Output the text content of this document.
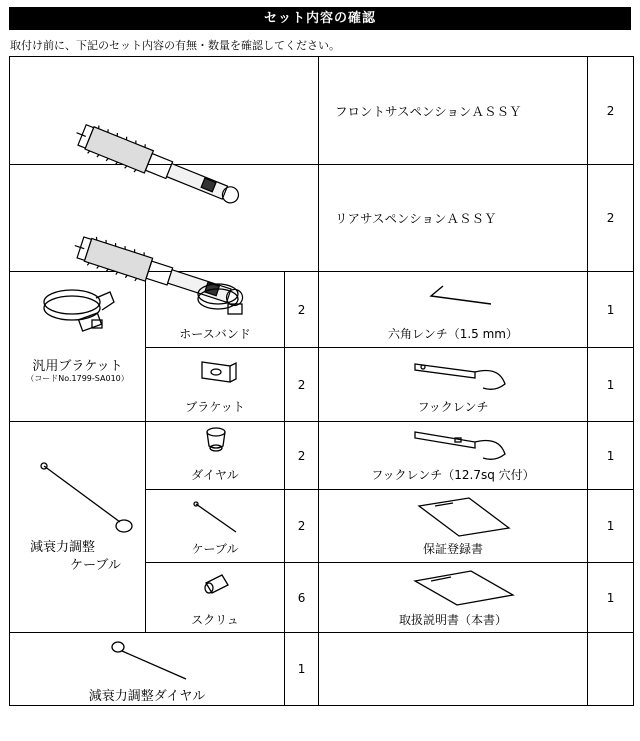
セット内容の確認
取付け前に、下記のセット内容の有無・数量を確認してください。

フロントサスペンションＡＳＳＹ	2

リアサスペンションＡＳＳＹ	2

汎用ブラケット
（コードNo.1799-SA010）	ホースバンド	2	六角レンチ（1.5 mm）	1

	ブラケット	2	フックレンチ	1

減衰力調整
ケーブル	ダイヤル	2	フックレンチ（12.7sq 穴付）	1

	ケーブル	2	保証登録書	1

	スクリュ	6	取扱説明書（本書）	1

減衰力調整ダイヤル		1		
